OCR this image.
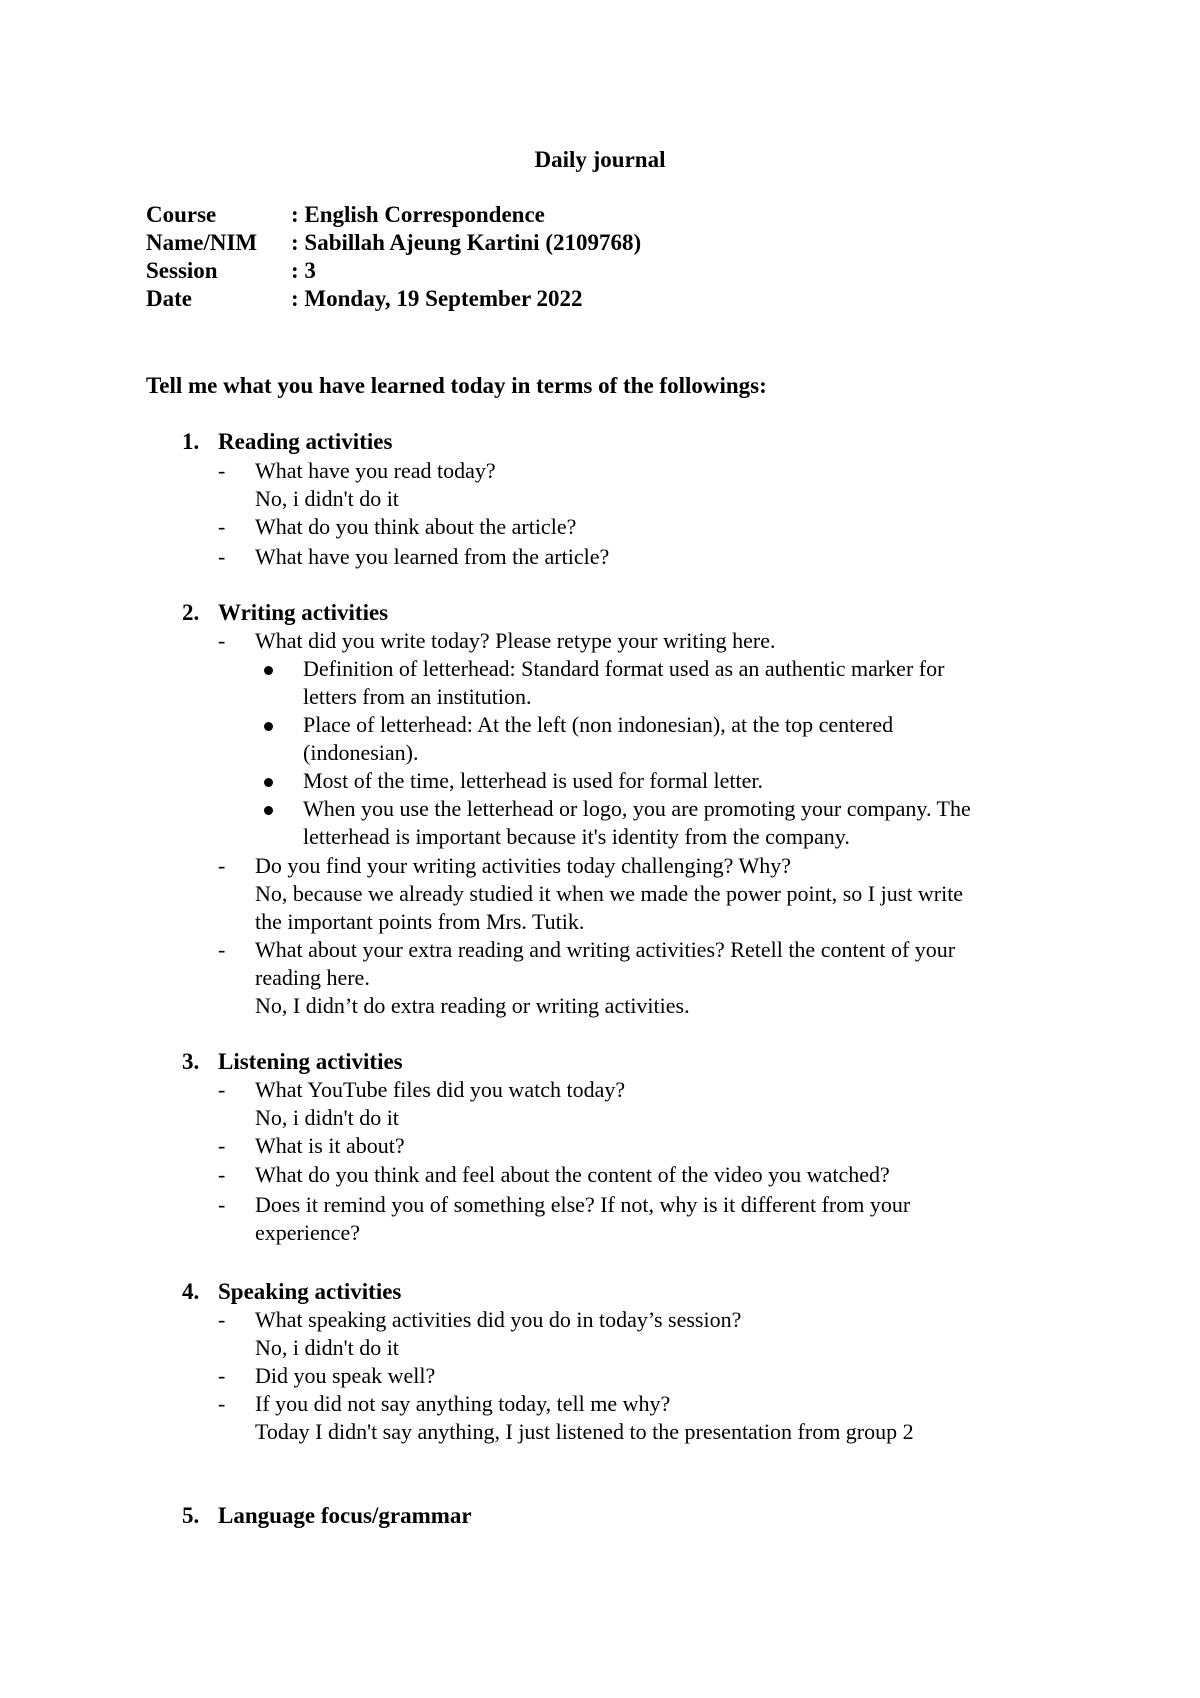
Daily journal
Course	: English Correspondence
Name/NIM : Sabillah Ajeung Kartini (2109768)
Session	: 3
Date	: Monday, 19 September 2022
Tell me what you have learned today in terms of the followings:
1. Reading activities
- What have you read today?
No, i didn't do it
- What do you think about the article?
- What have you learned from the article?
2. Writing activities
- What did you write today? Please retype your writing here.
Definition of letterhead: Standard format used as an authentic marker for
letters from an institution.
Place of letterhead: At the left (non indonesian), at the top centered
(indonesian).
Most of the time, letterhead is used for formal letter.
When you use the letterhead or logo, you are promoting your company. The
letterhead is important because it's identity from the company.
- Do you find your writing activities today challenging? Why?
No, because we already studied it when we made the power point, so I just write
the important points from Mrs. Tutik.
- What about your extra reading and writing activities? Retell the content of your
reading here.
No, I didn’t do extra reading or writing activities.
3. Listening activities
- What YouTube files did you watch today?
No, i didn't do it
- What is it about?
- What do you think and feel about the content of the video you watched?
- Does it remind you of something else? If not, why is it different from your
experience?
4. Speaking activities
- What speaking activities did you do in today’s session?
No, i didn't do it
- Did you speak well?
- If you did not say anything today, tell me why?
Today I didn't say anything, I just listened to the presentation from group 2
5. Language focus/grammar
